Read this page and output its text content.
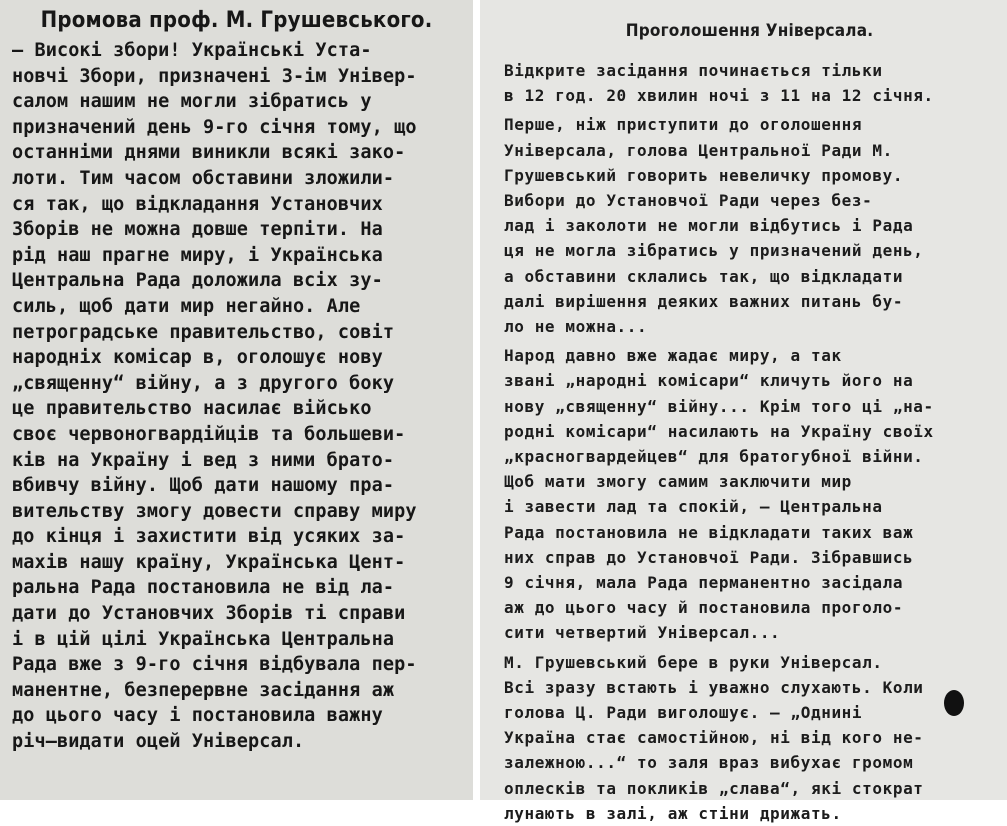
Промова проф. М. Грушевського.

— Високі збори! Українські Уста-

новчі Збори, призначені 3-ім Універ-

салом нашим не могли зібратись у

призначений день 9-го січня тому, що

останніми днями виникли всякі зако-

лоти. Тим часом обставини зложили-

ся так, що відкладання Установчих

Зборів не можна довше терпіти. На

рід наш прагне миру, і Українська

Центральна Рада доложила всіх зу-

силь, щоб дати мир негайно. Але

петроградське правительство, совіт

народніх комісар в, оголошує нову

„священну“ війну, а з другого боку

це правительство насилає військо

своє червоногвардійців та большеви-

ків на Україну і вед з ними брато-

вбивчу війну. Щоб дати нашому пра-

вительству змогу довести справу миру

до кінця і захистити від усяких за-

махів нашу країну, Українська Цент-

ральна Рада постановила не від ла-

дати до Установчих Зборів ті справи

і в цій цілі Українська Центральна

Рада вже з 9-го січня відбувала пер-

манентне, безперервне засідання аж

до цього часу і постановила важну

річ—видати оцей Універсал.

Проголошення Універсала.

Відкрите засідання починається тільки

в 12 год. 20 хвилин ночі з 11 на 12 січня.

Перше, ніж приступити до оголошення

Універсала, голова Центральної Ради М.

Грушевський говорить невеличку промову.

Вибори до Установчої Ради через без-

лад і заколоти не могли відбутись і Рада

ця не могла зібратись у призначений день,

а обставини склались так, що відкладати

далі вирішення деяких важних питань бу-

ло не можна...

Народ давно вже жадає миру, а так

звані „народні комісари“ кличуть його на

нову „священну“ війну... Крім того ці „на-

родні комісари“ насилають на Україну своїх

„красногвардейцев“ для братогубної війни.

Щоб мати змогу самим заключити мир

і завести лад та спокій, — Центральна

Рада постановила не відкладати таких важ

них справ до Установчої Ради. Зібравшись

9 січня, мала Рада перманентно засідала

аж до цього часу й постановила проголо-

сити четвертий Універсал...

М. Грушевський бере в руки Універсал.

Всі зразу встають і уважно слухають. Коли

голова Ц. Ради виголошує. — „Однині

Україна стає самостійною, ні від кого не-

залежною...“ то заля враз вибухає громом

оплесків та покликів „слава“, які стократ

лунають в залі, аж стіни дрижать.
